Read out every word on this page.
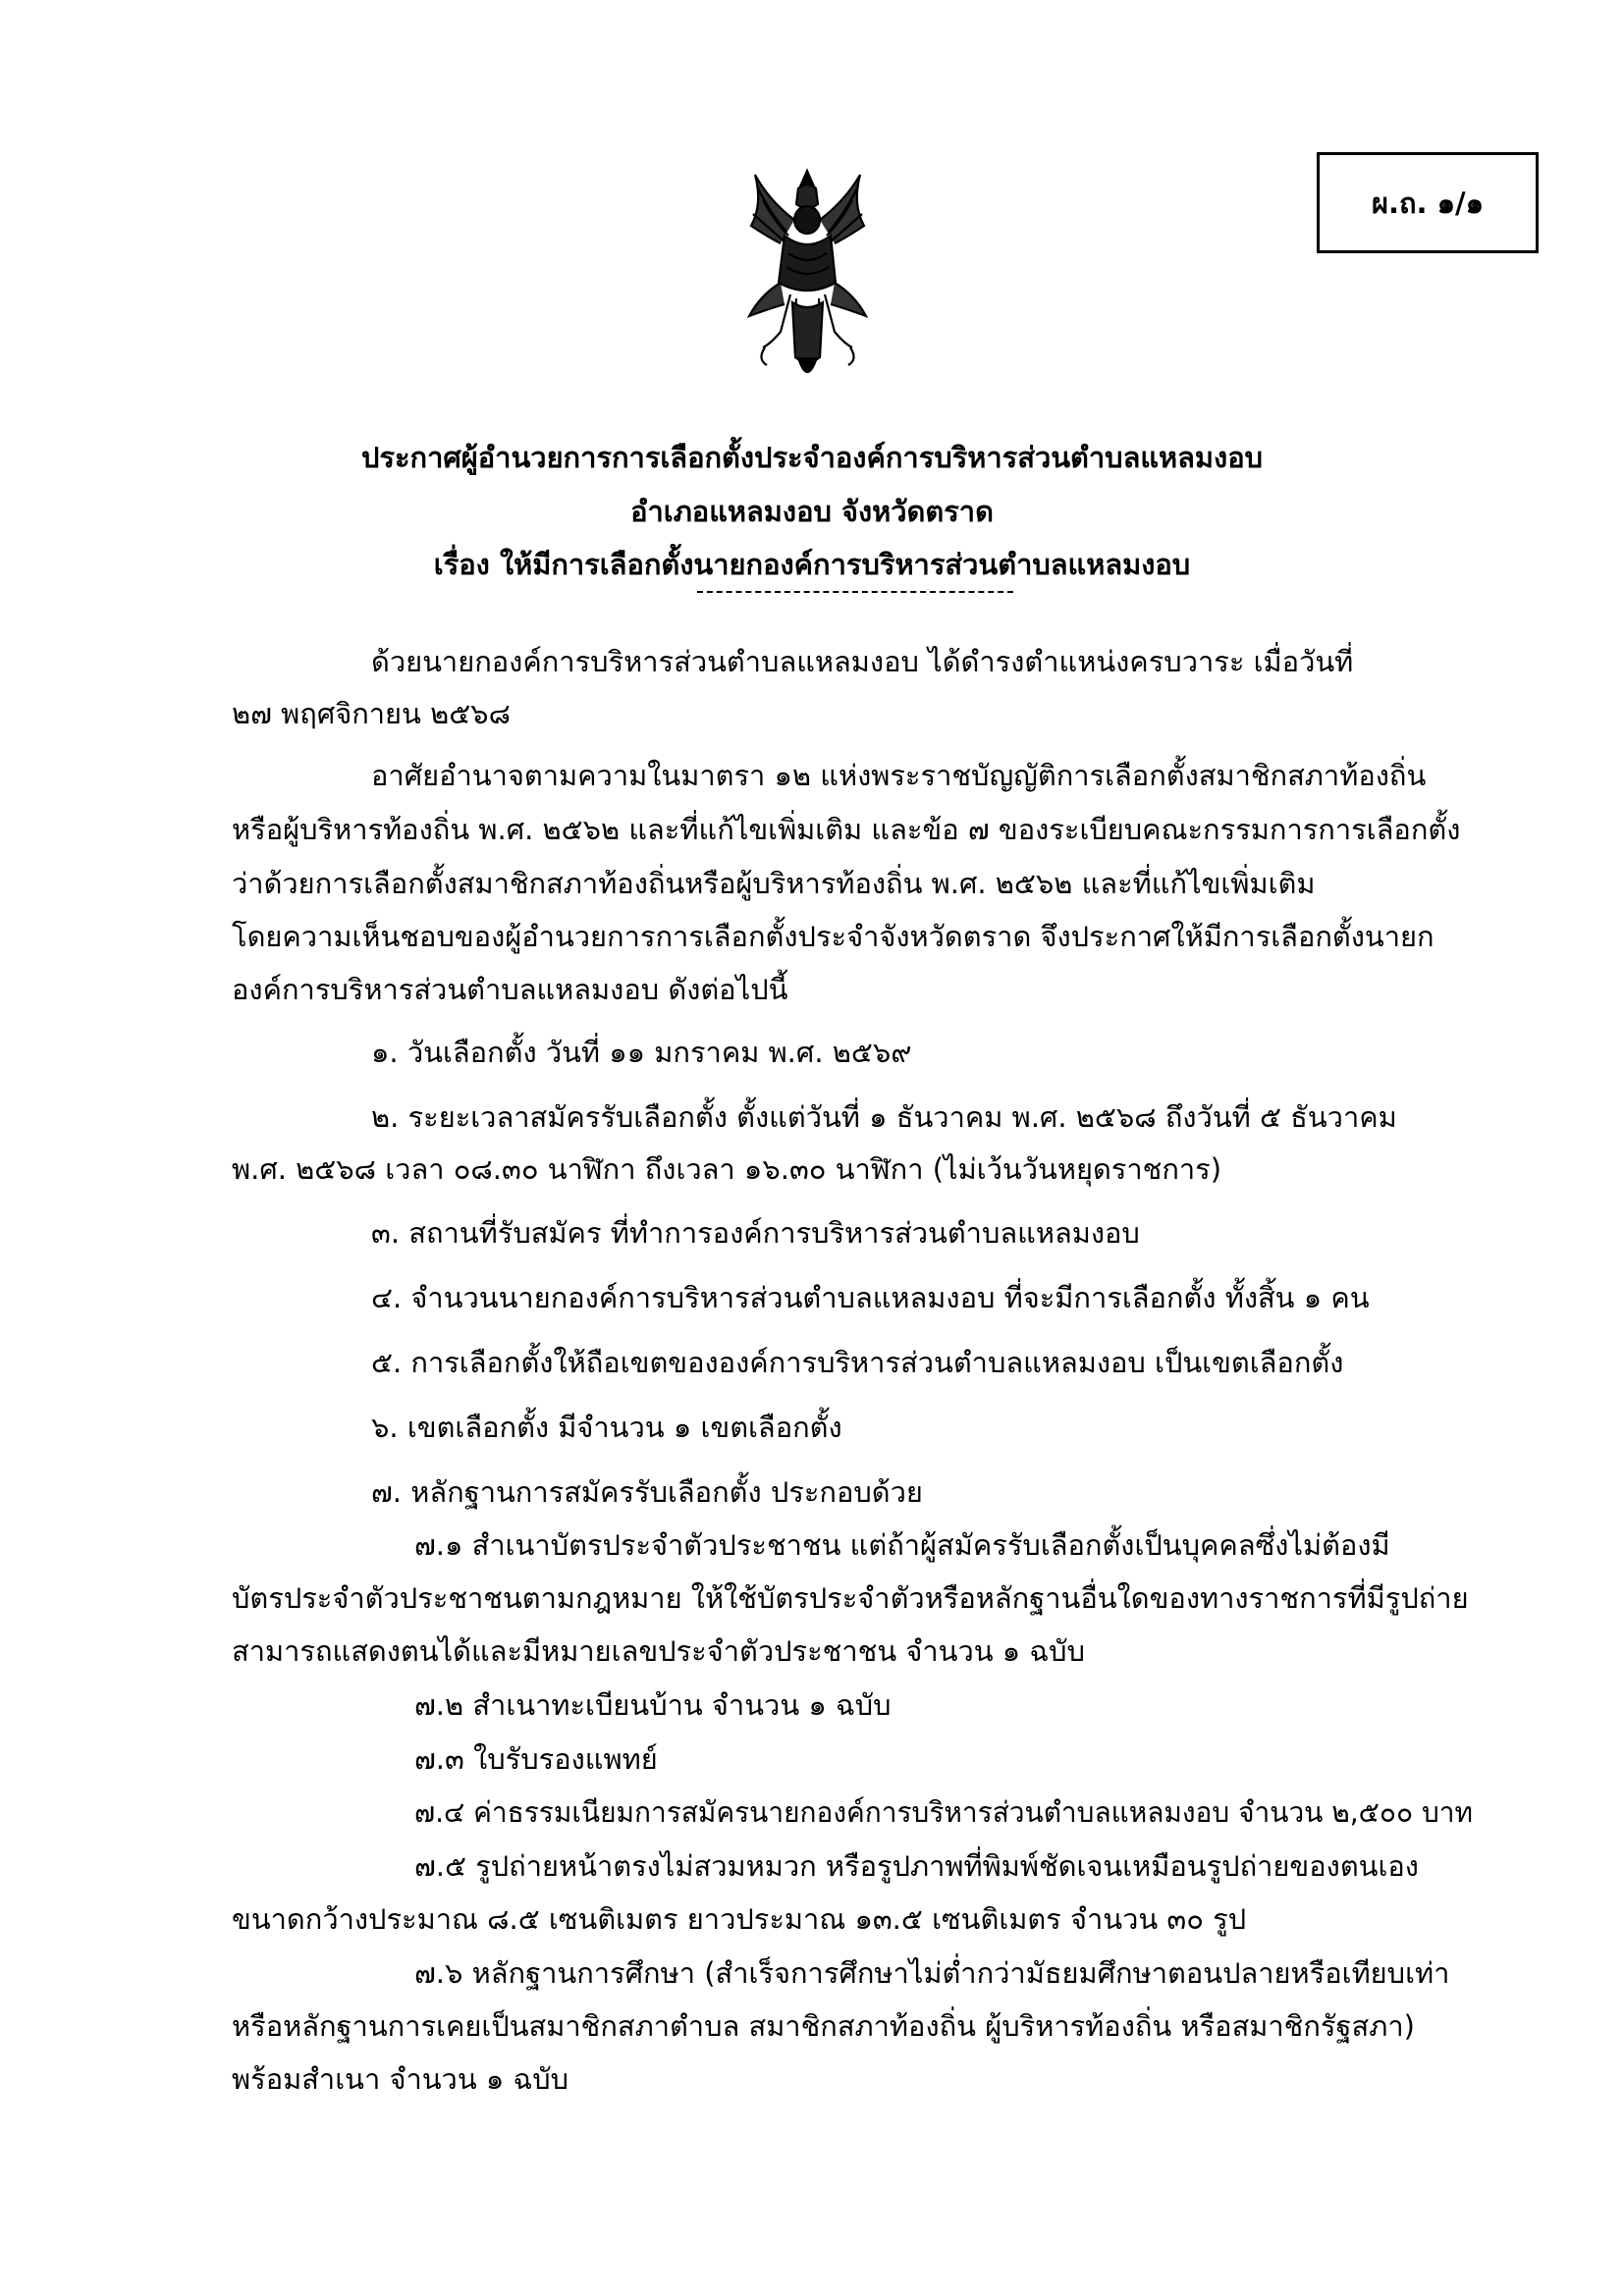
ผ.ถ. ๑/๑
ประกาศผู้อำนวยการการเลือกตั้งประจำองค์การบริหารส่วนตำบลแหลมงอบ
อำเภอแหลมงอบ จังหวัดตราด
เรื่อง ให้มีการเลือกตั้งนายกองค์การบริหารส่วนตำบลแหลมงอบ
ด้วยนายกองค์การบริหารส่วนตำบลแหลมงอบ ได้ดำรงตำแหน่งครบวาระ เมื่อวันที่
๒๗ พฤศจิกายน ๒๕๖๘
อาศัยอำนาจตามความในมาตรา ๑๒ แห่งพระราชบัญญัติการเลือกตั้งสมาชิกสภาท้องถิ่น
หรือผู้บริหารท้องถิ่น พ.ศ. ๒๕๖๒ และที่แก้ไขเพิ่มเติม และข้อ ๗ ของระเบียบคณะกรรมการการเลือกตั้ง
ว่าด้วยการเลือกตั้งสมาชิกสภาท้องถิ่นหรือผู้บริหารท้องถิ่น พ.ศ. ๒๕๖๒ และที่แก้ไขเพิ่มเติม
โดยความเห็นชอบของผู้อำนวยการการเลือกตั้งประจำจังหวัดตราด จึงประกาศให้มีการเลือกตั้งนายก
องค์การบริหารส่วนตำบลแหลมงอบ ดังต่อไปนี้
๑. วันเลือกตั้ง วันที่ ๑๑ มกราคม พ.ศ. ๒๕๖๙
๒. ระยะเวลาสมัครรับเลือกตั้ง ตั้งแต่วันที่ ๑ ธันวาคม พ.ศ. ๒๕๖๘ ถึงวันที่ ๕ ธันวาคม
พ.ศ. ๒๕๖๘ เวลา ๐๘.๓๐ นาฬิกา ถึงเวลา ๑๖.๓๐ นาฬิกา (ไม่เว้นวันหยุดราชการ)
๓. สถานที่รับสมัคร ที่ทำการองค์การบริหารส่วนตำบลแหลมงอบ
๔. จำนวนนายกองค์การบริหารส่วนตำบลแหลมงอบ ที่จะมีการเลือกตั้ง ทั้งสิ้น ๑ คน
๕. การเลือกตั้งให้ถือเขตขององค์การบริหารส่วนตำบลแหลมงอบ เป็นเขตเลือกตั้ง
๖. เขตเลือกตั้ง มีจำนวน ๑ เขตเลือกตั้ง
๗. หลักฐานการสมัครรับเลือกตั้ง ประกอบด้วย
๗.๑ สำเนาบัตรประจำตัวประชาชน แต่ถ้าผู้สมัครรับเลือกตั้งเป็นบุคคลซึ่งไม่ต้องมี
บัตรประจำตัวประชาชนตามกฎหมาย ให้ใช้บัตรประจำตัวหรือหลักฐานอื่นใดของทางราชการที่มีรูปถ่าย
สามารถแสดงตนได้และมีหมายเลขประจำตัวประชาชน จำนวน ๑ ฉบับ
๗.๒ สำเนาทะเบียนบ้าน จำนวน ๑ ฉบับ
๗.๓ ใบรับรองแพทย์
๗.๔ ค่าธรรมเนียมการสมัครนายกองค์การบริหารส่วนตำบลแหลมงอบ จำนวน ๒,๕๐๐ บาท
๗.๕ รูปถ่ายหน้าตรงไม่สวมหมวก หรือรูปภาพที่พิมพ์ชัดเจนเหมือนรูปถ่ายของตนเอง
ขนาดกว้างประมาณ ๘.๕ เซนติเมตร ยาวประมาณ ๑๓.๕ เซนติเมตร จำนวน ๓๐ รูป
๗.๖ หลักฐานการศึกษา (สำเร็จการศึกษาไม่ต่ำกว่ามัธยมศึกษาตอนปลายหรือเทียบเท่า
หรือหลักฐานการเคยเป็นสมาชิกสภาตำบล สมาชิกสภาท้องถิ่น ผู้บริหารท้องถิ่น หรือสมาชิกรัฐสภา)
พร้อมสำเนา จำนวน ๑ ฉบับ
